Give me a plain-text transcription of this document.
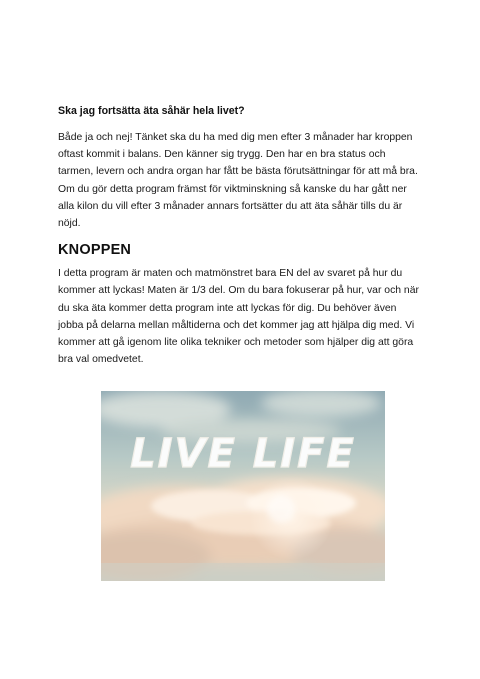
Ska jag fortsätta äta såhär hela livet?

Både ja och nej! Tänket ska du ha med dig men efter 3 månader har kroppen oftast kommit i balans. Den känner sig trygg. Den har en bra status och tarmen, levern och andra organ har fått be bästa förutsättningar för att må bra. Om du gör detta program främst för viktminskning så kanske du har gått ner alla kilon du vill efter 3 månader annars fortsätter du att äta såhär tills du är nöjd.

KNOPPEN

I detta program är maten och matmönstret bara EN del av svaret på hur du kommer att lyckas! Maten är 1/3 del. Om du bara fokuserar på hur, var och när du ska äta kommer detta program inte att lyckas för dig. Du behöver även jobba på delarna mellan måltiderna och det kommer jag att hjälpa dig med. Vi kommer att gå igenom lite olika tekniker och metoder som hjälper dig att göra bra val omedvetet.

LIVE LIFE
